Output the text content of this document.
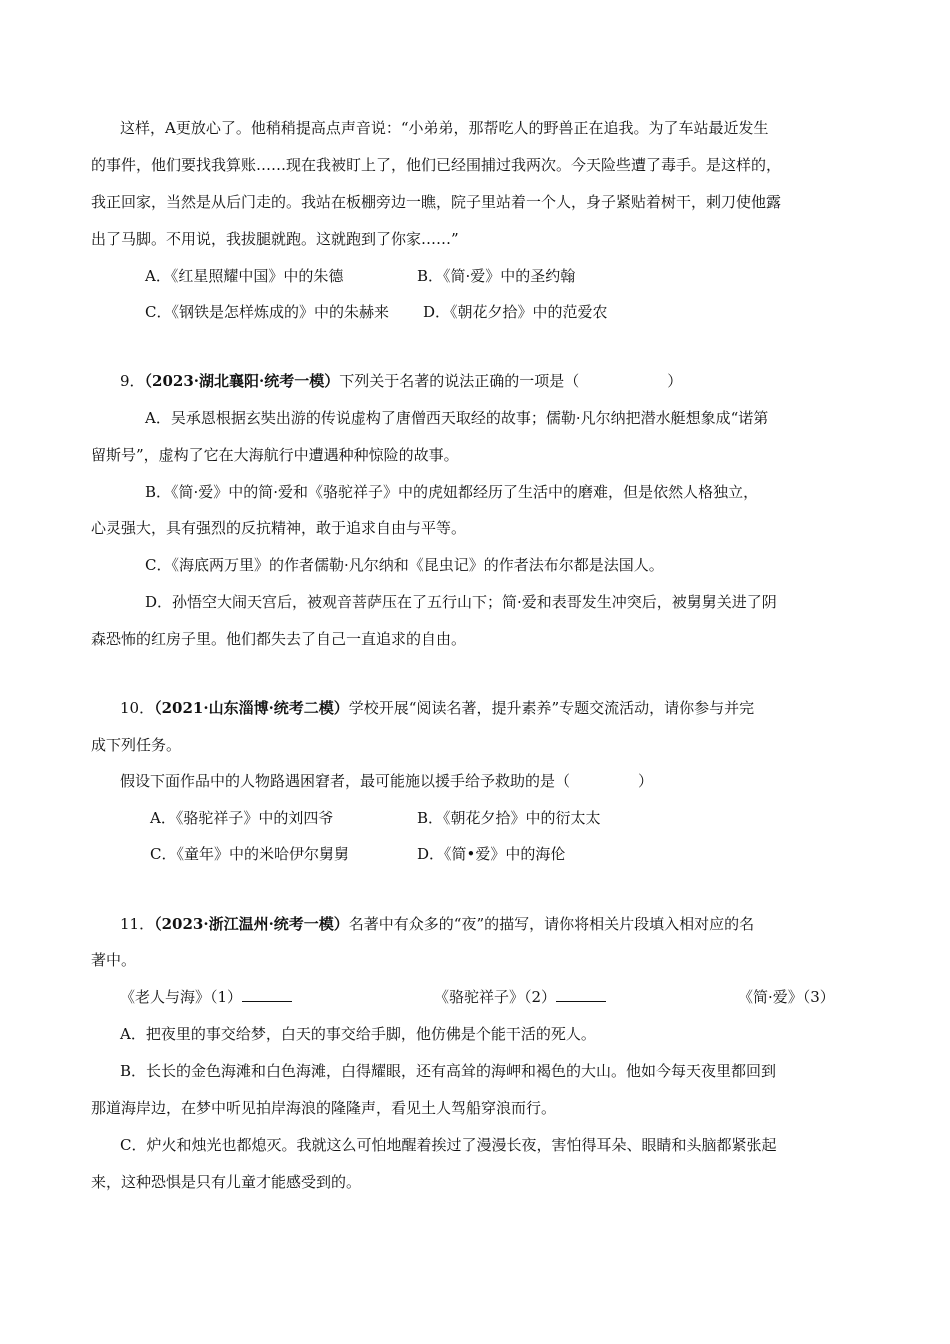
这样，A更放心了。他稍稍提高点声音说：“小弟弟，那帮吃人的野兽正在追我。为了车站最近发生
的事件，他们要找我算账……现在我被盯上了，他们已经围捕过我两次。今天险些遭了毒手。是这样的，
我正回家，当然是从后门走的。我站在板棚旁边一瞧，院子里站着一个人，身子紧贴着树干，刺刀使他露
出了马脚。不用说，我拔腿就跑。这就跑到了你家……”
A．《红星照耀中国》中的朱德	B．《简·爱》中的圣约翰
C．《钢铁是怎样炼成的》中的朱赫来 D．《朝花夕拾》中的范爱农
9．（2023·湖北襄阳·统考一模）下列关于名著的说法正确的一项是（	）
A．吴承恩根据玄奘出游的传说虚构了唐僧西天取经的故事；儒勒·凡尔纳把潜水艇想象成“诺第
留斯号”，虚构了它在大海航行中遭遇种种惊险的故事。
B．《简·爱》中的简·爱和《骆驼祥子》中的虎妞都经历了生活中的磨难，但是依然人格独立，
心灵强大，具有强烈的反抗精神，敢于追求自由与平等。
C．《海底两万里》的作者儒勒·凡尔纳和《昆虫记》的作者法布尔都是法国人。
D．孙悟空大闹天宫后，被观音菩萨压在了五行山下；简·爱和表哥发生冲突后，被舅舅关进了阴
森恐怖的红房子里。他们都失去了自己一直追求的自由。
10．（2021·山东淄博·统考二模）学校开展“阅读名著，提升素养”专题交流活动，请你参与并完
成下列任务。
假设下面作品中的人物路遇困窘者，最可能施以援手给予救助的是（	）
A．《骆驼祥子》中的刘四爷	B．《朝花夕拾》中的衍太太
C．《童年》中的米哈伊尔舅舅	D．《简•爱》中的海伦
11．（2023·浙江温州·统考一模）名著中有众多的“夜”的描写，请你将相关片段填入相对应的名
著中。
《老人与海》（1）	《骆驼祥子》（2）	《简·爱》（3）
A．把夜里的事交给梦，白天的事交给手脚，他仿佛是个能干活的死人。
B．长长的金色海滩和白色海滩，白得耀眼，还有高耸的海岬和褐色的大山。他如今每天夜里都回到
那道海岸边，在梦中听见拍岸海浪的隆隆声，看见土人驾船穿浪而行。
C．炉火和烛光也都熄灭。我就这么可怕地醒着挨过了漫漫长夜，害怕得耳朵、眼睛和头脑都紧张起
来，这种恐惧是只有儿童才能感受到的。
